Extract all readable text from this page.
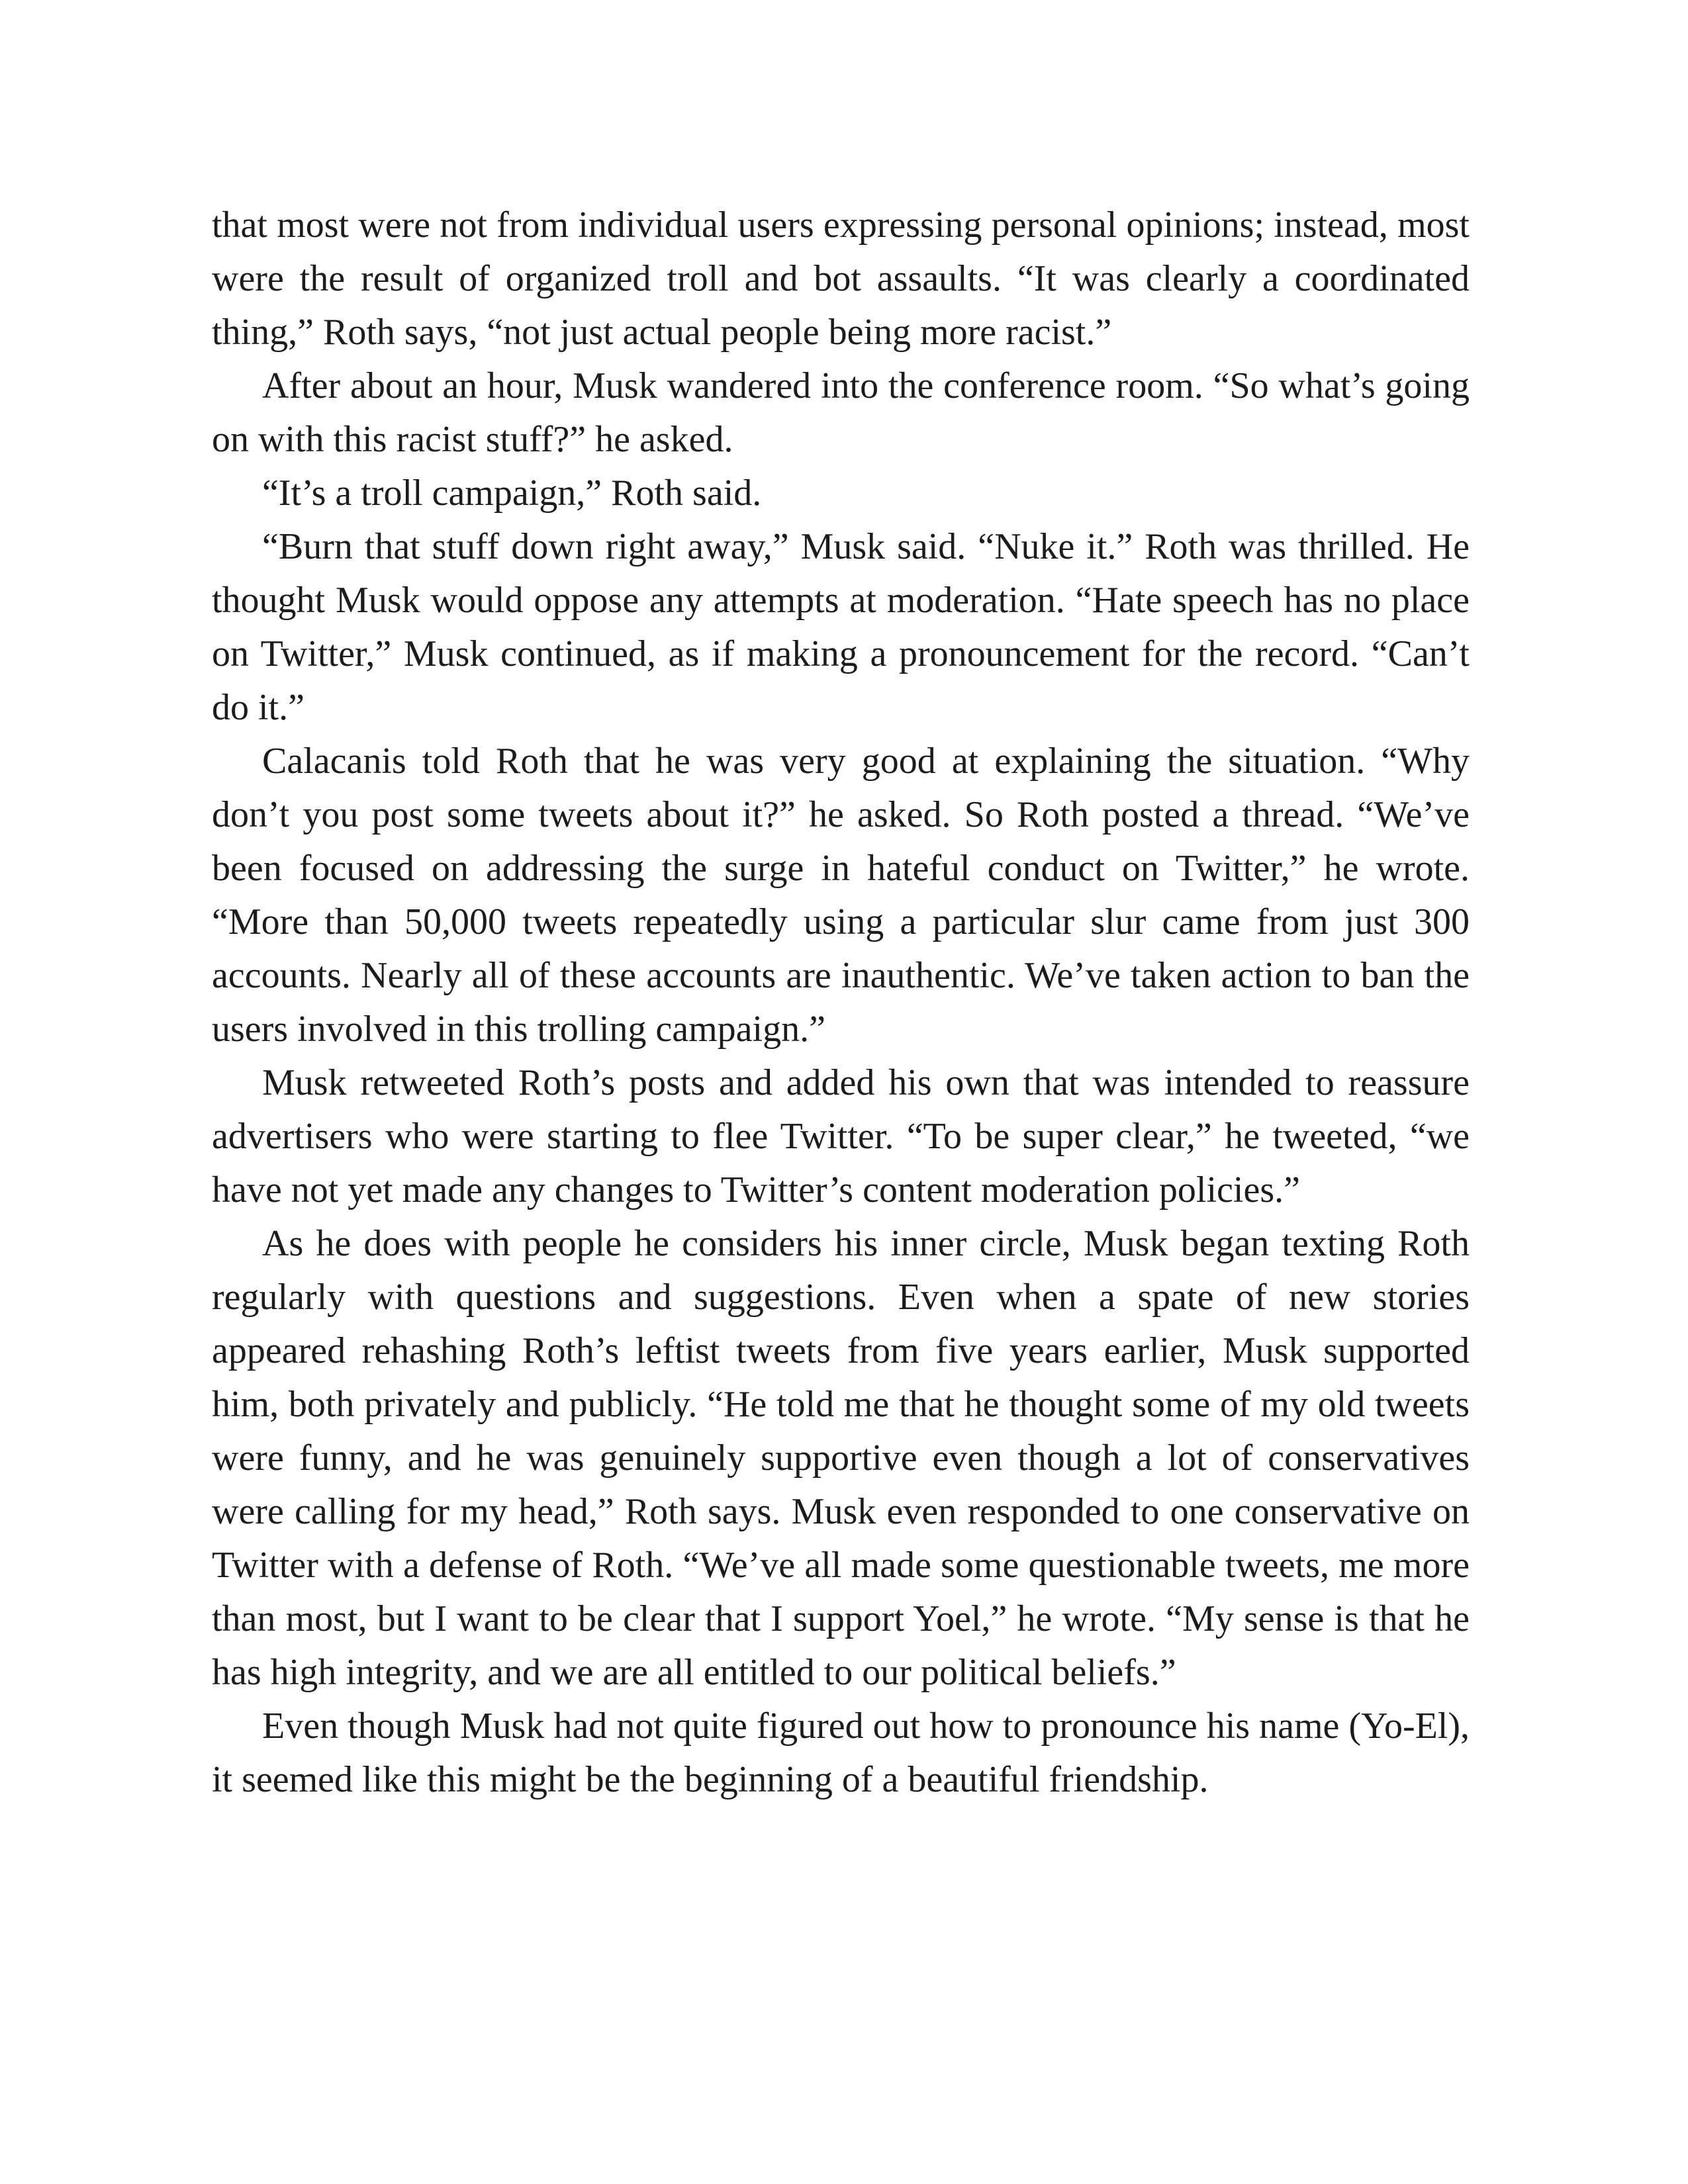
that most were not from individual users expressing personal opinions; instead, most were the result of organized troll and bot assaults. “It was clearly a coordinated thing,” Roth says, “not just actual people being more racist.”

After about an hour, Musk wandered into the conference room. “So what’s going on with this racist stuff?” he asked.

“It’s a troll campaign,” Roth said.

“Burn that stuff down right away,” Musk said. “Nuke it.” Roth was thrilled. He thought Musk would oppose any attempts at moderation. “Hate speech has no place on Twitter,” Musk continued, as if making a pronouncement for the record. “Can’t do it.”

Calacanis told Roth that he was very good at explaining the situation. “Why don’t you post some tweets about it?” he asked. So Roth posted a thread. “We’ve been focused on addressing the surge in hateful conduct on Twitter,” he wrote. “More than 50,000 tweets repeatedly using a particular slur came from just 300 accounts. Nearly all of these accounts are inauthentic. We’ve taken action to ban the users involved in this trolling campaign.”

Musk retweeted Roth’s posts and added his own that was intended to reassure advertisers who were starting to flee Twitter. “To be super clear,” he tweeted, “we have not yet made any changes to Twitter’s content moderation policies.”

As he does with people he considers his inner circle, Musk began texting Roth regularly with questions and suggestions. Even when a spate of new stories appeared rehashing Roth’s leftist tweets from five years earlier, Musk supported him, both privately and publicly. “He told me that he thought some of my old tweets were funny, and he was genuinely supportive even though a lot of conservatives were calling for my head,” Roth says. Musk even responded to one conservative on Twitter with a defense of Roth. “We’ve all made some questionable tweets, me more than most, but I want to be clear that I support Yoel,” he wrote. “My sense is that he has high integrity, and we are all entitled to our political beliefs.”

Even though Musk had not quite figured out how to pronounce his name (Yo-El), it seemed like this might be the beginning of a beautiful friendship.
